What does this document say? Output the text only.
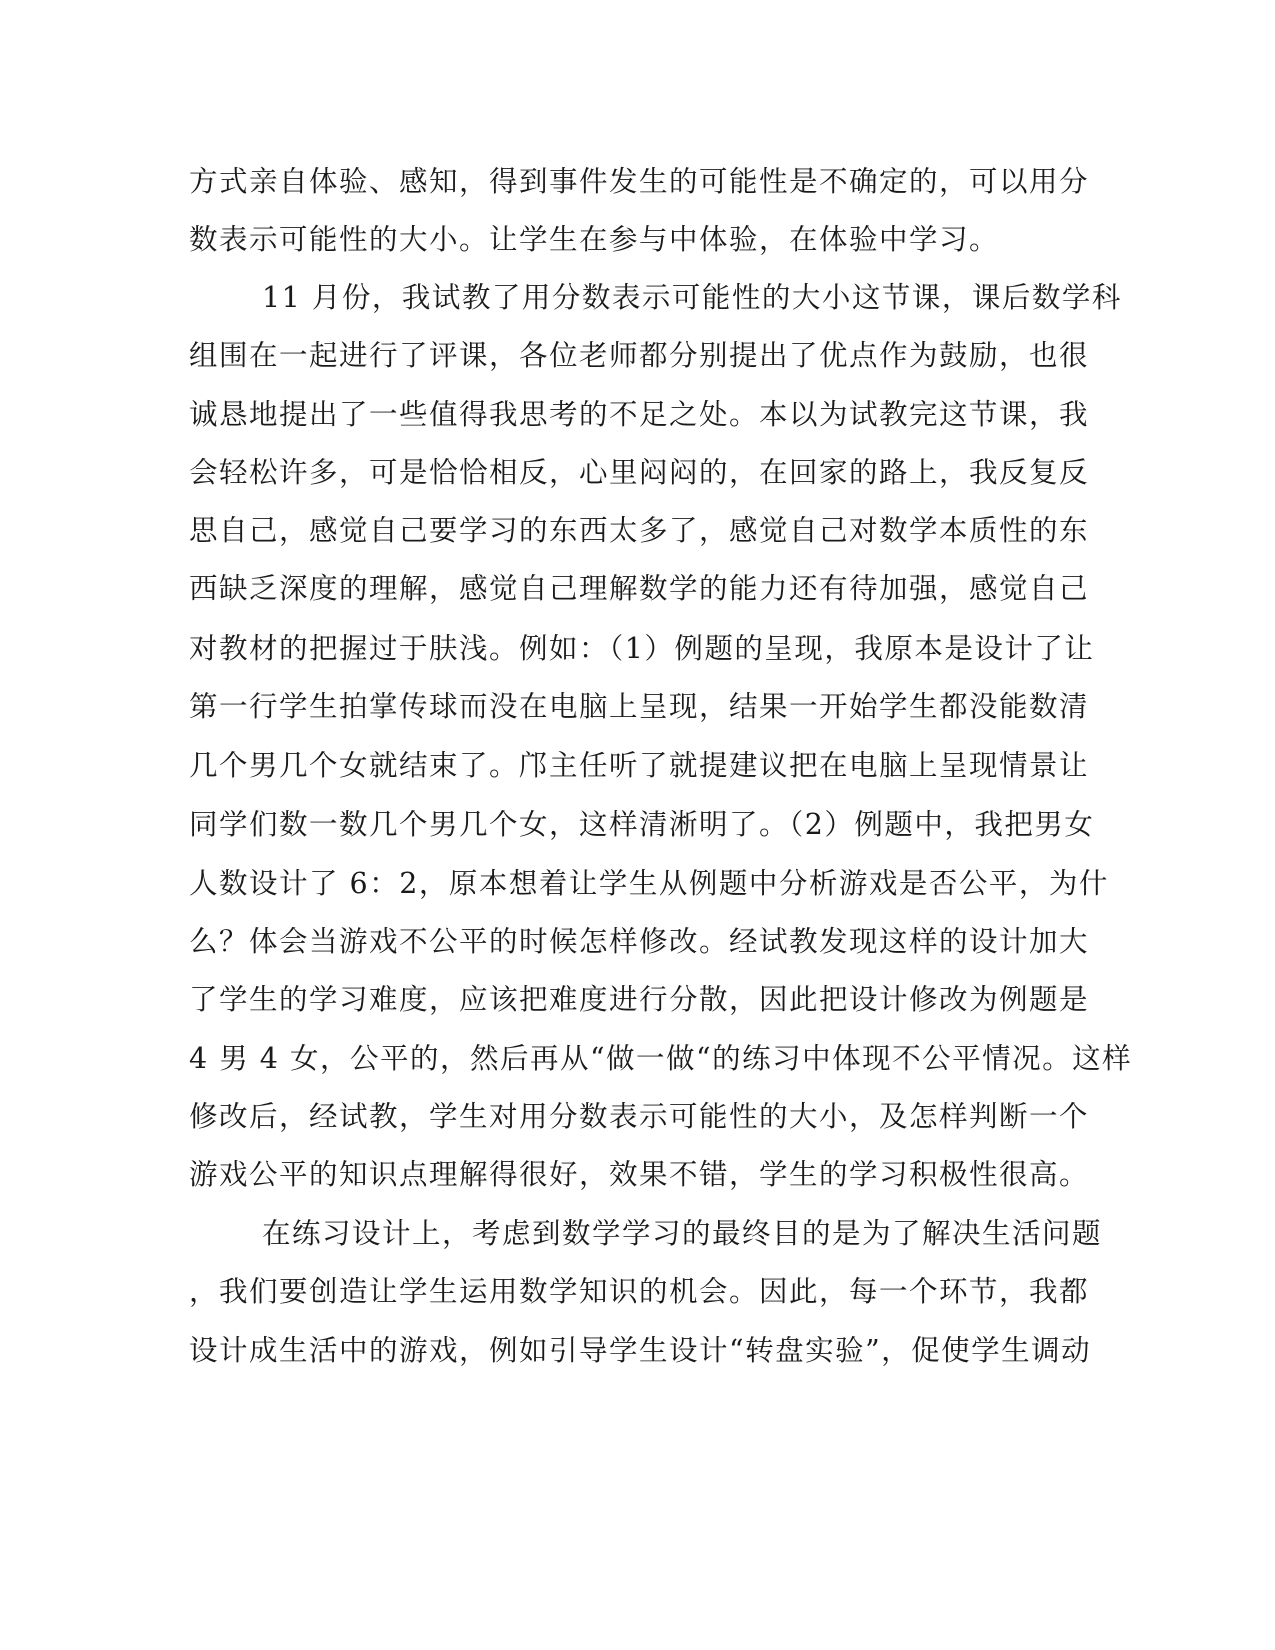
方式亲自体验、感知，得到事件发生的可能性是不确定的，可以用分
数表示可能性的大小。让学生在参与中体验，在体验中学习。
11 月份，我试教了用分数表示可能性的大小这节课，课后数学科
组围在一起进行了评课，各位老师都分别提出了优点作为鼓励，也很
诚恳地提出了一些值得我思考的不足之处。本以为试教完这节课，我
会轻松许多，可是恰恰相反，心里闷闷的，在回家的路上，我反复反
思自己，感觉自己要学习的东西太多了，感觉自己对数学本质性的东
西缺乏深度的理解，感觉自己理解数学的能力还有待加强，感觉自己
对教材的把握过于肤浅。例如：（1）例题的呈现，我原本是设计了让
第一行学生拍掌传球而没在电脑上呈现，结果一开始学生都没能数清
几个男几个女就结束了。邝主任听了就提建议把在电脑上呈现情景让
同学们数一数几个男几个女，这样清淅明了。（2）例题中，我把男女
人数设计了 6：2，原本想着让学生从例题中分析游戏是否公平，为什
么？体会当游戏不公平的时候怎样修改。经试教发现这样的设计加大
了学生的学习难度，应该把难度进行分散，因此把设计修改为例题是
4 男 4 女，公平的，然后再从“做一做“的练习中体现不公平情况。这样
修改后，经试教，学生对用分数表示可能性的大小，及怎样判断一个
游戏公平的知识点理解得很好，效果不错，学生的学习积极性很高。
在练习设计上，考虑到数学学习的最终目的是为了解决生活问题
，我们要创造让学生运用数学知识的机会。因此，每一个环节，我都
设计成生活中的游戏，例如引导学生设计“转盘实验”，促使学生调动
